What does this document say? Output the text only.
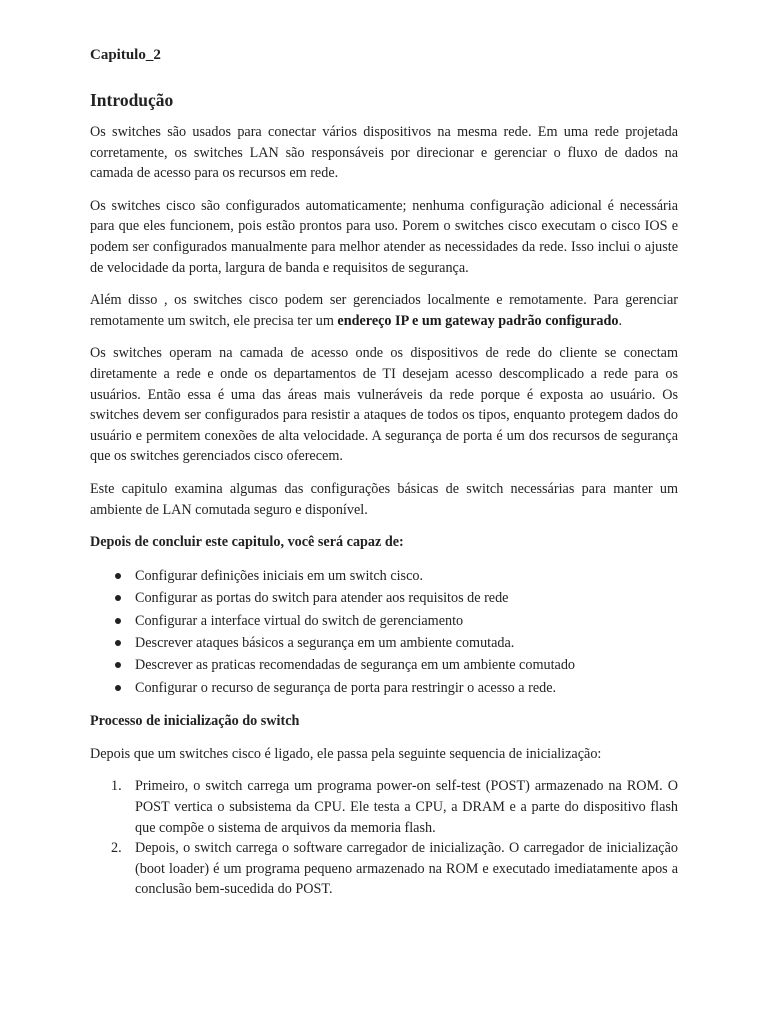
Capitulo_2
Introdução

Os switches são usados para conectar vários dispositivos na mesma rede. Em uma rede projetada corretamente, os switches LAN são responsáveis por direcionar e gerenciar o fluxo de dados na camada de acesso para os recursos em rede.

Os switches cisco são configurados automaticamente; nenhuma configuração adicional é necessária para que eles funcionem, pois estão prontos para uso. Porem o switches cisco executam o cisco IOS e podem ser configurados manualmente para melhor atender as necessidades da rede. Isso inclui o ajuste de velocidade da porta, largura de banda e requisitos de segurança.

Além disso , os switches cisco podem ser gerenciados localmente e remotamente. Para gerenciar remotamente um switch, ele precisa ter um endereço IP e um gateway padrão configurado.

Os switches operam na camada de acesso onde os dispositivos de rede do cliente se conectam diretamente a rede e onde os departamentos de TI desejam acesso descomplicado a rede para os usuários. Então essa é uma das áreas mais vulneráveis da rede porque é exposta ao usuário. Os switches devem ser configurados para resistir a ataques de todos os tipos, enquanto protegem dados do usuário e permitem conexões de alta velocidade. A segurança de porta é um dos recursos de segurança que os switches gerenciados cisco oferecem.

Este capitulo examina algumas das configurações básicas de switch necessárias para manter um ambiente de LAN comutada seguro e disponível.

Depois de concluir este capitulo, você será capaz de:
Configurar definições iniciais em um switch cisco.
Configurar as portas do switch para atender aos requisitos de rede
Configurar a interface virtual do switch de gerenciamento
Descrever ataques básicos a segurança em um ambiente comutada.
Descrever as praticas recomendadas de segurança em um ambiente comutado
Configurar o recurso de segurança de porta para restringir o acesso a rede.
Processo de inicialização do switch

Depois que um switches cisco é ligado, ele passa pela seguinte sequencia de inicialização:

1. Primeiro, o switch carrega um programa power-on self-test (POST) armazenado na ROM. O POST vertica o subsistema da CPU. Ele testa a CPU, a DRAM e a parte do dispositivo flash que compõe o sistema de arquivos da memoria flash.
2. Depois, o switch carrega o software carregador de inicialização. O carregador de inicialização (boot loader) é um programa pequeno armazenado na ROM e executado imediatamente apos a conclusão bem-sucedida do POST.
